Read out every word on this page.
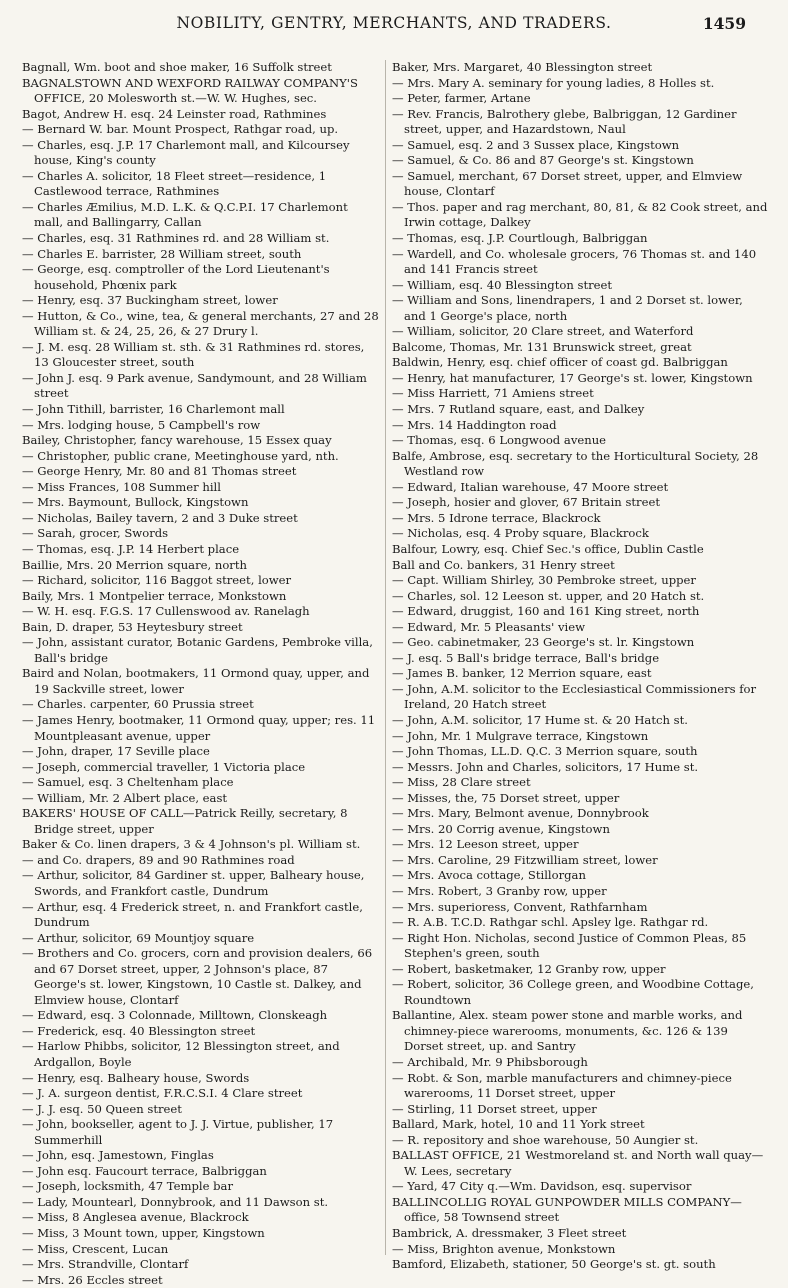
NOBILITY, GENTRY, MERCHANTS, AND TRADERS.	1459
Bagnall, Wm. boot and shoe maker, 16 Suffolk street
BAGNALSTOWN AND WEXFORD RAILWAY COMPANY'S OFFICE, 20 Molesworth st.—W. W. Hughes, sec.
Bagot, Andrew H. esq. 24 Leinster road, Rathmines
— Bernard W. bar. Mount Prospect, Rathgar road, up.
— Charles, esq. J.P. 17 Charlemont mall, and Kilcoursey house, King's county
— Charles A. solicitor, 18 Fleet street—residence, 1 Castlewood terrace, Rathmines
— Charles Æmilius, M.D. L.K. & Q.C.P.I. 17 Charlemont mall, and Ballingarry, Callan
— Charles, esq. 31 Rathmines rd. and 28 William st.
— Charles E. barrister, 28 William street, south
— George, esq. comptroller of the Lord Lieutenant's household, Phœnix park
— Henry, esq. 37 Buckingham street, lower
— Hutton, & Co., wine, tea, & general merchants, 27 and 28 William st. & 24, 25, 26, & 27 Drury l.
— J. M. esq. 28 William st. sth. & 31 Rathmines rd. stores, 13 Gloucester street, south
— John J. esq. 9 Park avenue, Sandymount, and 28 William street
— John Tithill, barrister, 16 Charlemont mall
— Mrs. lodging house, 5 Campbell's row
Bailey, Christopher, fancy warehouse, 15 Essex quay
— Christopher, public crane, Meetinghouse yard, nth.
— George Henry, Mr. 80 and 81 Thomas street
— Miss Frances, 108 Summer hill
— Mrs. Baymount, Bullock, Kingstown
— Nicholas, Bailey tavern, 2 and 3 Duke street
— Sarah, grocer, Swords
— Thomas, esq. J.P. 14 Herbert place
Baillie, Mrs. 20 Merrion square, north
— Richard, solicitor, 116 Baggot street, lower
Baily, Mrs. 1 Montpelier terrace, Monkstown
— W. H. esq. F.G.S. 17 Cullenswood av. Ranelagh
Bain, D. draper, 53 Heytesbury street
— John, assistant curator, Botanic Gardens, Pembroke villa, Ball's bridge
Baird and Nolan, bootmakers, 11 Ormond quay, upper, and 19 Sackville street, lower
— Charles. carpenter, 60 Prussia street
— James Henry, bootmaker, 11 Ormond quay, upper; res. 11 Mountpleasant avenue, upper
— John, draper, 17 Seville place
— Joseph, commercial traveller, 1 Victoria place
— Samuel, esq. 3 Cheltenham place
— William, Mr. 2 Albert place, east
BAKERS' HOUSE OF CALL—Patrick Reilly, secretary, 8 Bridge street, upper
Baker & Co. linen drapers, 3 & 4 Johnson's pl. William st.
— and Co. drapers, 89 and 90 Rathmines road
— Arthur, solicitor, 84 Gardiner st. upper, Balheary house, Swords, and Frankfort castle, Dundrum
— Arthur, esq. 4 Frederick street, n. and Frankfort castle, Dundrum
— Arthur, solicitor, 69 Mountjoy square
— Brothers and Co. grocers, corn and provision dealers, 66 and 67 Dorset street, upper, 2 Johnson's place, 87 George's st. lower, Kingstown, 10 Castle st. Dalkey, and Elmview house, Clontarf
— Edward, esq. 3 Colonnade, Milltown, Clonskeagh
— Frederick, esq. 40 Blessington street
— Harlow Phibbs, solicitor, 12 Blessington street, and Ardgallon, Boyle
— Henry, esq. Balheary house, Swords
— J. A. surgeon dentist, F.R.C.S.I. 4 Clare street
— J. J. esq. 50 Queen street
— John, bookseller, agent to J. J. Virtue, publisher, 17 Summerhill
— John, esq. Jamestown, Finglas
— John esq. Faucourt terrace, Balbriggan
— Joseph, locksmith, 47 Temple bar
— Lady, Mountearl, Donnybrook, and 11 Dawson st.
— Miss, 8 Anglesea avenue, Blackrock
— Miss, 3 Mount town, upper, Kingstown
— Miss, Crescent, Lucan
— Mrs. Strandville, Clontarf
— Mrs. 26 Eccles street
Baker, Mrs. Margaret, 40 Blessington street
— Mrs. Mary A. seminary for young ladies, 8 Holles st.
— Peter, farmer, Artane
— Rev. Francis, Balrothery glebe, Balbriggan, 12 Gardiner street, upper, and Hazardstown, Naul
— Samuel, esq. 2 and 3 Sussex place, Kingstown
— Samuel, & Co. 86 and 87 George's st. Kingstown
— Samuel, merchant, 67 Dorset street, upper, and Elmview house, Clontarf
— Thos. paper and rag merchant, 80, 81, & 82 Cook street, and Irwin cottage, Dalkey
— Thomas, esq. J.P. Courtlough, Balbriggan
— Wardell, and Co. wholesale grocers, 76 Thomas st. and 140 and 141 Francis street
— William, esq. 40 Blessington street
— William and Sons, linendrapers, 1 and 2 Dorset st. lower, and 1 George's place, north
— William, solicitor, 20 Clare street, and Waterford
Balcome, Thomas, Mr. 131 Brunswick street, great
Baldwin, Henry, esq. chief officer of coast gd. Balbriggan
— Henry, hat manufacturer, 17 George's st. lower, Kingstown
— Miss Harriett, 71 Amiens street
— Mrs. 7 Rutland square, east, and Dalkey
— Mrs. 14 Haddington road
— Thomas, esq. 6 Longwood avenue
Balfe, Ambrose, esq. secretary to the Horticultural Society, 28 Westland row
— Edward, Italian warehouse, 47 Moore street
— Joseph, hosier and glover, 67 Britain street
— Mrs. 5 Idrone terrace, Blackrock
— Nicholas, esq. 4 Proby square, Blackrock
Balfour, Lowry, esq. Chief Sec.'s office, Dublin Castle
Ball and Co. bankers, 31 Henry street
— Capt. William Shirley, 30 Pembroke street, upper
— Charles, sol. 12 Leeson st. upper, and 20 Hatch st.
— Edward, druggist, 160 and 161 King street, north
— Edward, Mr. 5 Pleasants' view
— Geo. cabinetmaker, 23 George's st. lr. Kingstown
— J. esq. 5 Ball's bridge terrace, Ball's bridge
— James B. banker, 12 Merrion square, east
— John, A.M. solicitor to the Ecclesiastical Commissioners for Ireland, 20 Hatch street
— John, A.M. solicitor, 17 Hume st. & 20 Hatch st.
— John, Mr. 1 Mulgrave terrace, Kingstown
— John Thomas, LL.D. Q.C. 3 Merrion square, south
— Messrs. John and Charles, solicitors, 17 Hume st.
— Miss, 28 Clare street
— Misses, the, 75 Dorset street, upper
— Mrs. Mary, Belmont avenue, Donnybrook
— Mrs. 20 Corrig avenue, Kingstown
— Mrs. 12 Leeson street, upper
— Mrs. Caroline, 29 Fitzwilliam street, lower
— Mrs. Avoca cottage, Stillorgan
— Mrs. Robert, 3 Granby row, upper
— Mrs. superioress, Convent, Rathfarnham
— R. A.B. T.C.D. Rathgar schl. Apsley lge. Rathgar rd.
— Right Hon. Nicholas, second Justice of Common Pleas, 85 Stephen's green, south
— Robert, basketmaker, 12 Granby row, upper
— Robert, solicitor, 36 College green, and Woodbine Cottage, Roundtown
Ballantine, Alex. steam power stone and marble works, and chimney-piece warerooms, monuments, &c. 126 & 139 Dorset street, up. and Santry
— Archibald, Mr. 9 Phibsborough
— Robt. & Son, marble manufacturers and chimney-piece warerooms, 11 Dorset street, upper
— Stirling, 11 Dorset street, upper
Ballard, Mark, hotel, 10 and 11 York street
— R. repository and shoe warehouse, 50 Aungier st.
BALLAST OFFICE, 21 Westmoreland st. and North wall quay—W. Lees, secretary
— Yard, 47 City q.—Wm. Davidson, esq. supervisor
BALLINCOLLIG ROYAL GUNPOWDER MILLS COMPANY—office, 58 Townsend street
Bambrick, A. dressmaker, 3 Fleet street
— Miss, Brighton avenue, Monkstown
Bamford, Elizabeth, stationer, 50 George's st. gt. south
